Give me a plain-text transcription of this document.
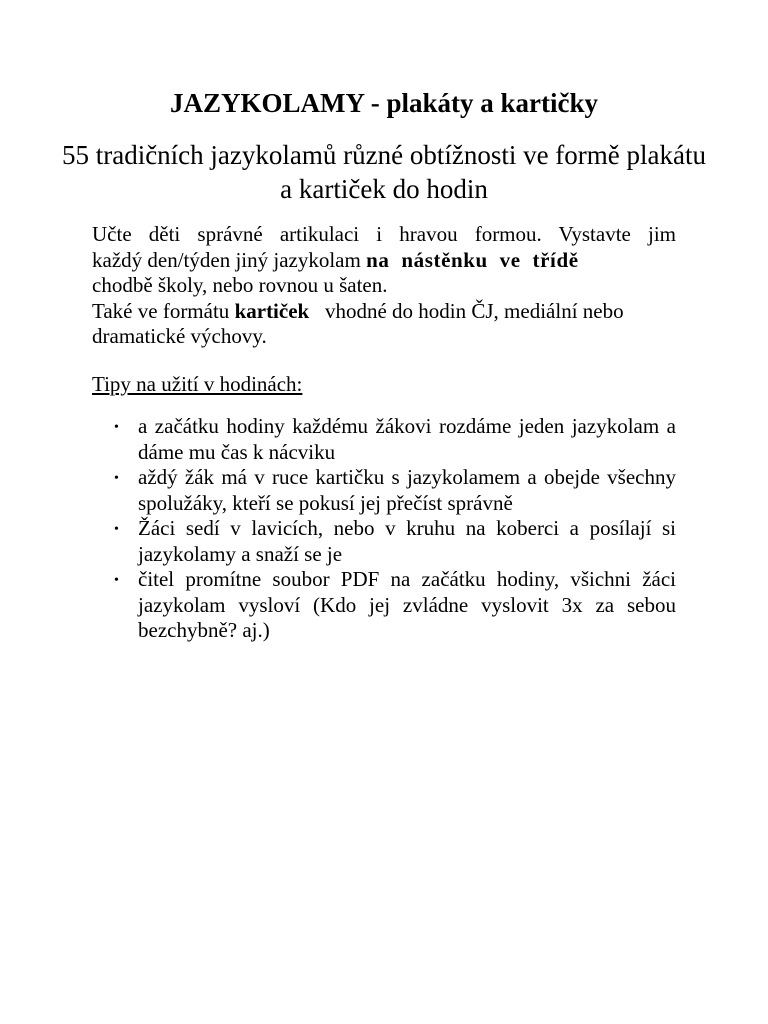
JAZYKOLAMY - plakáty a kartičky
55 tradičních jazykolamů různé obtížnosti ve formě plakátu a kartiček do hodin
Učte děti správné artikulaci i hravou formou. Vystavte jim
každý den/týden jiný jazykolam na nástěnku ve třídě
chodbě školy, nebo rovnou u šaten.
Také ve formátu kartiček vhodné do hodin ČJ, mediální nebo
dramatické výchovy.
Tipy na užití v hodinách:
• a začátku hodiny každému žákovi rozdáme jeden jazykolam a dáme mu čas k nácviku
• aždý žák má v ruce kartičku s jazykolamem a obejde všechny spolužáky, kteří se pokusí jej přečíst správně
• Žáci sedí v lavicích, nebo v kruhu na koberci a posílají si jazykolamy a snaží se je
• čitel promítne soubor PDF na začátku hodiny, všichni žáci jazykolam vysloví (Kdo jej zvládne vyslovit 3x za sebou bezchybně? aj.)
